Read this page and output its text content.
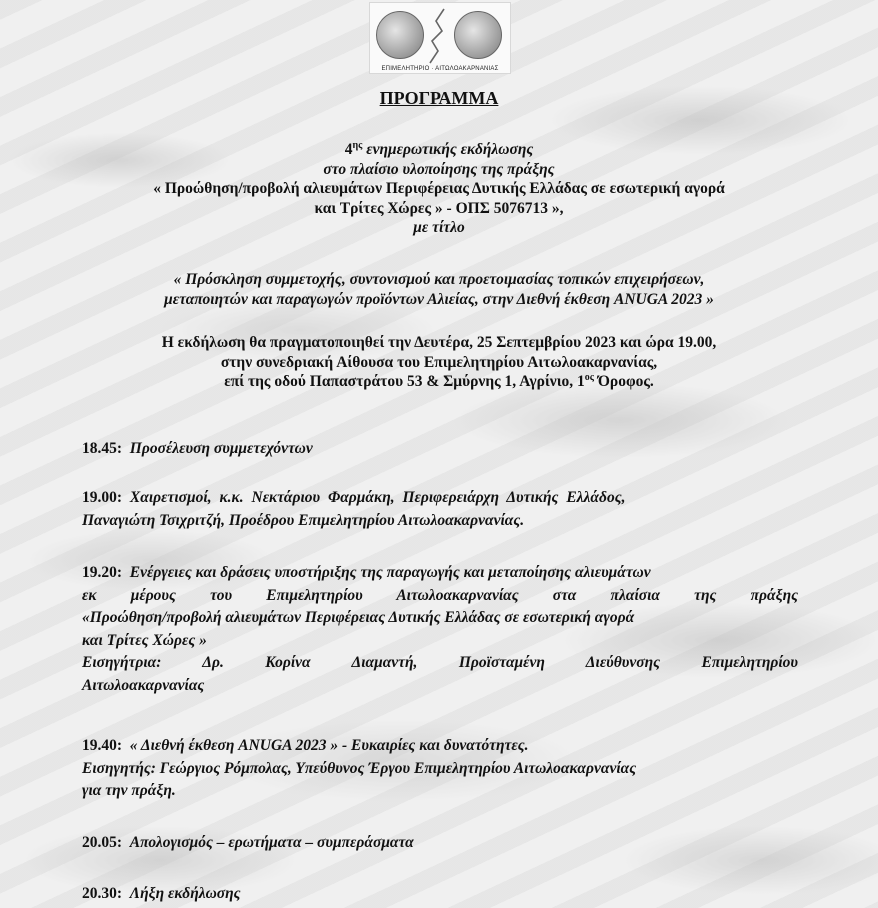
ΕΠΙΜΕΛΗΤΗΡΙΟ · ΑΙΤΩΛΟΑΚΑΡΝΑΝΙΑΣ
ΠΡΟΓΡΑΜΜΑ

$4^{\eta\varsigma}$ ενημερωτικής εκδήλωσης

στο πλαίσιο υλοποίησης της πράξης

« Προώθηση/προβολή αλιευμάτων Περιφέρειας Δυτικής Ελλάδας σε εσωτερική αγορά

και Τρίτες Χώρες » - ΟΠΣ 5076713 »,

με τίτλο

« Πρόσκληση συμμετοχής, συντονισμού και προετοιμασίας τοπικών επιχειρήσεων,

μεταποιητών και παραγωγών προϊόντων Αλιείας, στην Διεθνή έκθεση ANUGA 2023 »

Η εκδήλωση θα πραγματοποιηθεί την Δευτέρα, 25 Σεπτεμβρίου 2023 και ώρα 19.00,

στην συνεδριακή Αίθουσα του Επιμελητηρίου Αιτωλοακαρνανίας,

επί της οδού Παπαστράτου 53 & Σμύρνης 1, Αγρίνιο, $1^{o\varsigma}$ Όροφος.

18.45: Προσέλευση συμμετεχόντων

19.00: Χαιρετισμοί, κ.κ. Νεκτάριου Φαρμάκη, Περιφερειάρχη Δυτικής Ελλάδος,

Παναγιώτη Τσιχριτζή, Προέδρου Επιμελητηρίου Αιτωλοακαρνανίας.

19.20: Ενέργειες και δράσεις υποστήριξης της παραγωγής και μεταποίησης αλιευμάτων

εκ μέρους του Επιμελητηρίου Αιτωλοακαρνανίας στα πλαίσια της πράξης

«Προώθηση/προβολή αλιευμάτων Περιφέρειας Δυτικής Ελλάδας σε εσωτερική αγορά

και Τρίτες Χώρες »

Εισηγήτρια: Δρ. Κορίνα Διαμαντή, Προϊσταμένη Διεύθυνσης Επιμελητηρίου

Αιτωλοακαρνανίας

19.40: « Διεθνή έκθεση ANUGA 2023 » - Ευκαιρίες και δυνατότητες.

Εισηγητής: Γεώργιος Ρόμπολας, Υπεύθυνος Έργου Επιμελητηρίου Αιτωλοακαρνανίας

για την πράξη.

20.05: Απολογισμός – ερωτήματα – συμπεράσματα

20.30: Λήξη εκδήλωσης
